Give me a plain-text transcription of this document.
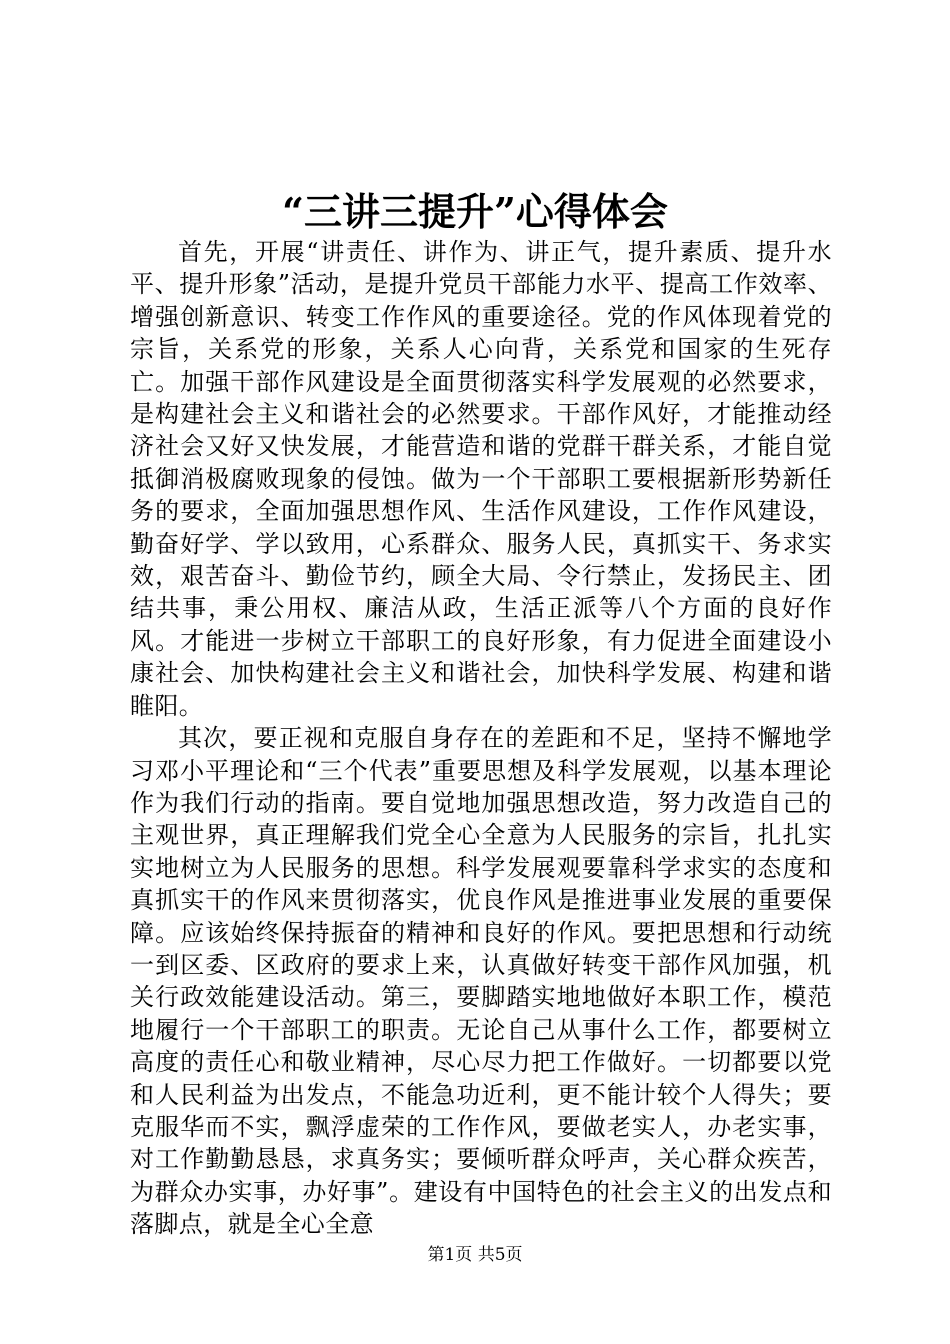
“三讲三提升”心得体会

首先，开展“讲责任、讲作为、讲正气，提升素质、提升水平、提升形象”活动，是提升党员干部能力水平、提高工作效率、增强创新意识、转变工作作风的重要途径。党的作风体现着党的宗旨，关系党的形象，关系人心向背，关系党和国家的生死存亡。加强干部作风建设是全面贯彻落实科学发展观的必然要求，是构建社会主义和谐社会的必然要求。干部作风好，才能推动经济社会又好又快发展，才能营造和谐的党群干群关系，才能自觉抵御消极腐败现象的侵蚀。做为一个干部职工要根据新形势新任务的要求，全面加强思想作风、生活作风建设，工作作风建设，勤奋好学、学以致用，心系群众、服务人民，真抓实干、务求实效，艰苦奋斗、勤俭节约，顾全大局、令行禁止，发扬民主、团结共事，秉公用权、廉洁从政，生活正派等八个方面的良好作风。才能进一步树立干部职工的良好形象，有力促进全面建设小康社会、加快构建社会主义和谐社会，加快科学发展、构建和谐睢阳。

其次，要正视和克服自身存在的差距和不足，坚持不懈地学习邓小平理论和“三个代表”重要思想及科学发展观，以基本理论作为我们行动的指南。要自觉地加强思想改造，努力改造自己的主观世界，真正理解我们党全心全意为人民服务的宗旨，扎扎实实地树立为人民服务的思想。科学发展观要靠科学求实的态度和真抓实干的作风来贯彻落实，优良作风是推进事业发展的重要保障。应该始终保持振奋的精神和良好的作风。要把思想和行动统一到区委、区政府的要求上来，认真做好转变干部作风加强，机关行政效能建设活动。第三，要脚踏实地地做好本职工作，模范地履行一个干部职工的职责。无论自己从事什么工作，都要树立高度的责任心和敬业精神，尽心尽力把工作做好。一切都要以党和人民利益为出发点，不能急功近利，更不能计较个人得失；要克服华而不实，飘浮虚荣的工作作风，要做老实人，办老实事，对工作勤勤恳恳，求真务实；要倾听群众呼声，关心群众疾苦，为群众办实事，办好事”。建设有中国特色的社会主义的出发点和落脚点，就是全心全意

第1页 共5页
